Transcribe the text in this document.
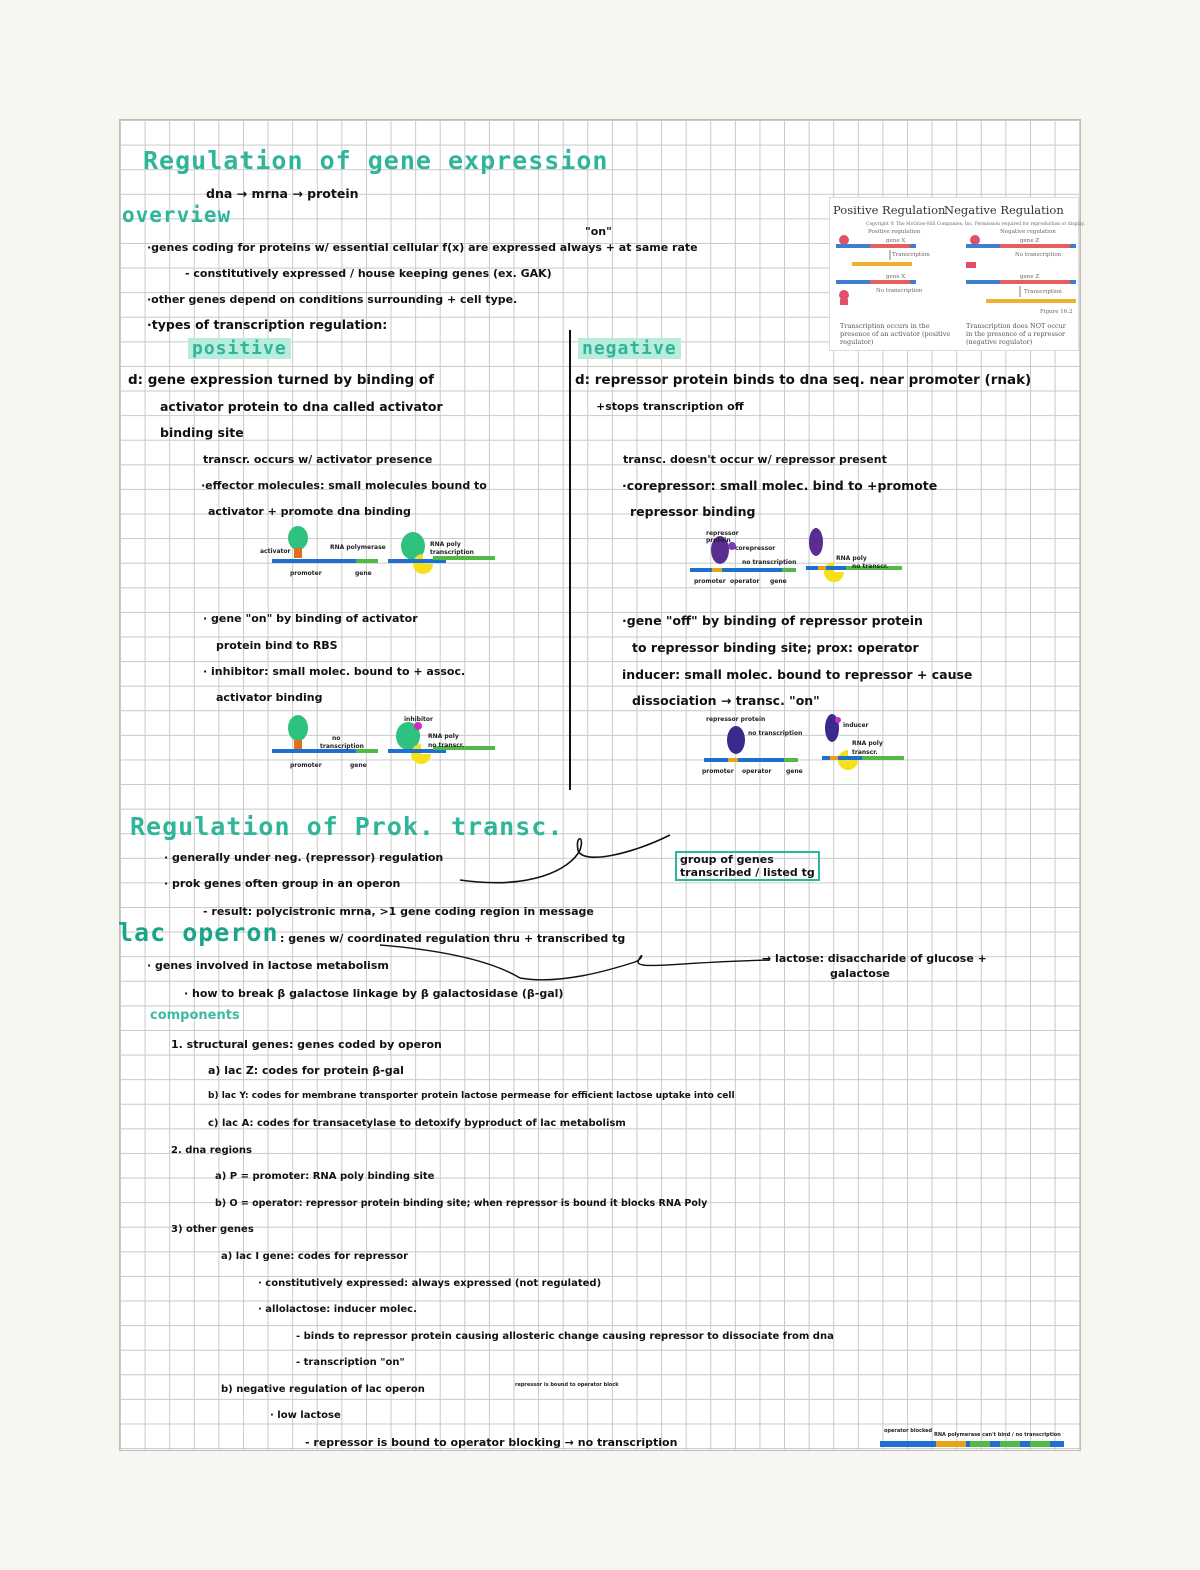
Regulation of gene expression
dna → mrna → protein
overview
"on"
·genes coding for proteins w/ essential cellular f(x) are expressed always + at same rate
- constitutively expressed / house keeping genes (ex. GAK)
·other genes depend on conditions surrounding + cell type.
·types of transcription regulation:
Positive Regulation
Negative Regulation
Copyright © The McGraw-Hill Companies, Inc. Permission required for reproduction or display.
Positive regulation	Negative regulation
gene X	gene Z
Transcription	No transcription
gene X	gene Z
No transcription	Transcription
Figure 16.2
Transcription occurs in the presence of an activator (positive regulator)
Transcription does NOT occur in the presence of a repressor (negative regulator)
positive	negative
d: gene expression turned by binding of
activator protein to dna called activator
binding site
transcr. occurs w/ activator presence
·effector molecules: small molecules bound to
activator + promote dna binding
activator
RNA polymerase
promoter	gene
RNA poly
transcription
· gene "on" by binding of activator
protein bind to RBS
· inhibitor: small molec. bound to + assoc.
activator binding
no
transcription
promoter	gene
inhibitor
RNA poly
no transcr.
d: repressor protein binds to dna seq. near promoter (rnak)
+stops transcription off
transc. doesn't occur w/ repressor present
·corepressor: small molec. bind to +promote
repressor binding
repressor
protein
corepressor
no transcription
promoter operator gene
RNA poly
no transcr.
·gene "off" by binding of repressor protein
to repressor binding site; prox: operator
inducer: small molec. bound to repressor + cause
dissociation → transc. "on"
repressor protein
no transcription
promoter operator gene
inducer
RNA poly
transcr.
Regulation of Prok. transc.
· generally under neg. (repressor) regulation
· prok genes often group in an operon
- result: polycistronic mrna, >1 gene coding region in message
group of genes
transcribed / listed tg
lac operon : genes w/ coordinated regulation thru + transcribed tg
· genes involved in lactose metabolism
· how to break β galactose linkage by β galactosidase (β-gal)
→ lactose: disaccharide of glucose +
galactose
components
1. structural genes: genes coded by operon
a) lac Z: codes for protein β-gal
b) lac Y: codes for membrane transporter protein lactose permease for efficient lactose uptake into cell
c) lac A: codes for transacetylase to detoxify byproduct of lac metabolism
2. dna regions
a) P = promoter: RNA poly binding site
b) O = operator: repressor protein binding site; when repressor is bound it blocks RNA Poly
3) other genes
a) lac I gene: codes for repressor
· constitutively expressed: always expressed (not regulated)
· allolactose: inducer molec.
- binds to repressor protein causing allosteric change causing repressor to dissociate from dna
- transcription "on"
b) negative regulation of lac operon
· low lactose
- repressor is bound to operator blocking → no transcription
repressor is bound to operator block
operator blocked
RNA polymerase can't bind / no transcription
